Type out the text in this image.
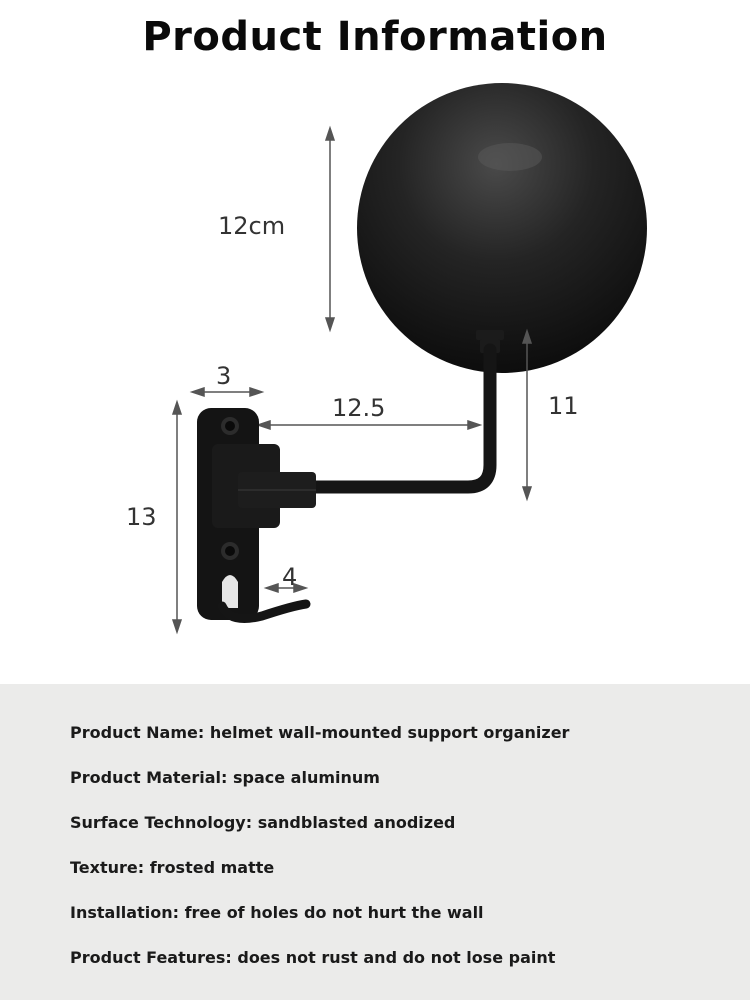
Product Information
12cm
3
12.5	11
13
4
Product Name: helmet wall-mounted support organizer
Product Material: space aluminum
Surface Technology: sandblasted anodized
Texture: frosted matte
Installation: free of holes do not hurt the wall
Product Features: does not rust and do not lose paint
